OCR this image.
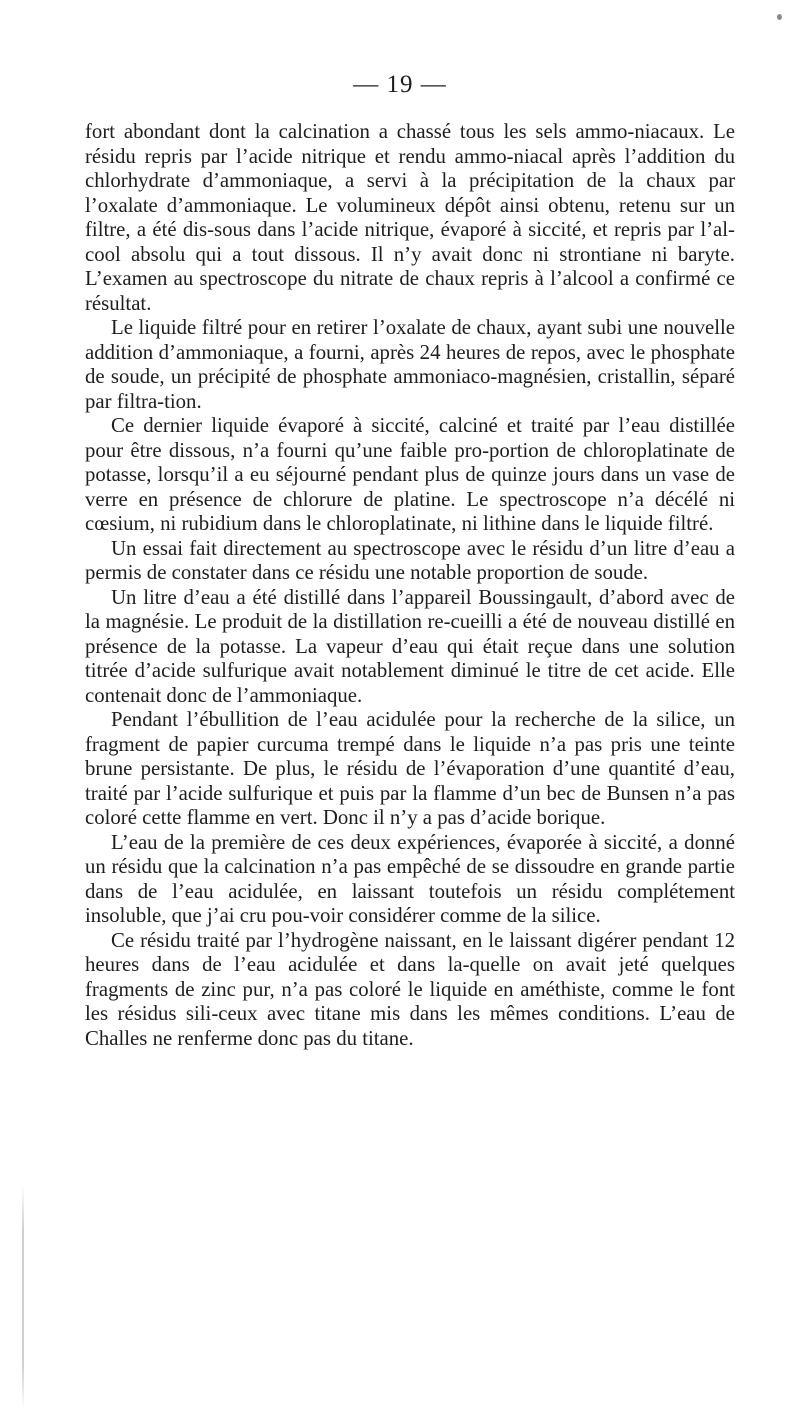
— 19 —

fort abondant dont la calcination a chassé tous les sels ammo-niacaux. Le résidu repris par l’acide nitrique et rendu ammo-niacal après l’addition du chlorhydrate d’ammoniaque, a servi à la précipitation de la chaux par l’oxalate d’ammoniaque. Le volumineux dépôt ainsi obtenu, retenu sur un filtre, a été dis-sous dans l’acide nitrique, évaporé à siccité, et repris par l’al-cool absolu qui a tout dissous. Il n’y avait donc ni strontiane ni baryte. L’examen au spectroscope du nitrate de chaux repris à l’alcool a confirmé ce résultat.

Le liquide filtré pour en retirer l’oxalate de chaux, ayant subi une nouvelle addition d’ammoniaque, a fourni, après 24 heures de repos, avec le phosphate de soude, un précipité de phosphate ammoniaco-magnésien, cristallin, séparé par filtra-tion.

Ce dernier liquide évaporé à siccité, calciné et traité par l’eau distillée pour être dissous, n’a fourni qu’une faible pro-portion de chloroplatinate de potasse, lorsqu’il a eu séjourné pendant plus de quinze jours dans un vase de verre en présence de chlorure de platine. Le spectroscope n’a décélé ni cœsium, ni rubidium dans le chloroplatinate, ni lithine dans le liquide filtré.

Un essai fait directement au spectroscope avec le résidu d’un litre d’eau a permis de constater dans ce résidu une notable proportion de soude.

Un litre d’eau a été distillé dans l’appareil Boussingault, d’abord avec de la magnésie. Le produit de la distillation re-cueilli a été de nouveau distillé en présence de la potasse. La vapeur d’eau qui était reçue dans une solution titrée d’acide sulfurique avait notablement diminué le titre de cet acide. Elle contenait donc de l’ammoniaque.

Pendant l’ébullition de l’eau acidulée pour la recherche de la silice, un fragment de papier curcuma trempé dans le liquide n’a pas pris une teinte brune persistante. De plus, le résidu de l’évaporation d’une quantité d’eau, traité par l’acide sulfurique et puis par la flamme d’un bec de Bunsen n’a pas coloré cette flamme en vert. Donc il n’y a pas d’acide borique.

L’eau de la première de ces deux expériences, évaporée à siccité, a donné un résidu que la calcination n’a pas empêché de se dissoudre en grande partie dans de l’eau acidulée, en laissant toutefois un résidu complétement insoluble, que j’ai cru pou-voir considérer comme de la silice.

Ce résidu traité par l’hydrogène naissant, en le laissant digérer pendant 12 heures dans de l’eau acidulée et dans la-quelle on avait jeté quelques fragments de zinc pur, n’a pas coloré le liquide en améthiste, comme le font les résidus sili-ceux avec titane mis dans les mêmes conditions. L’eau de Challes ne renferme donc pas du titane.
